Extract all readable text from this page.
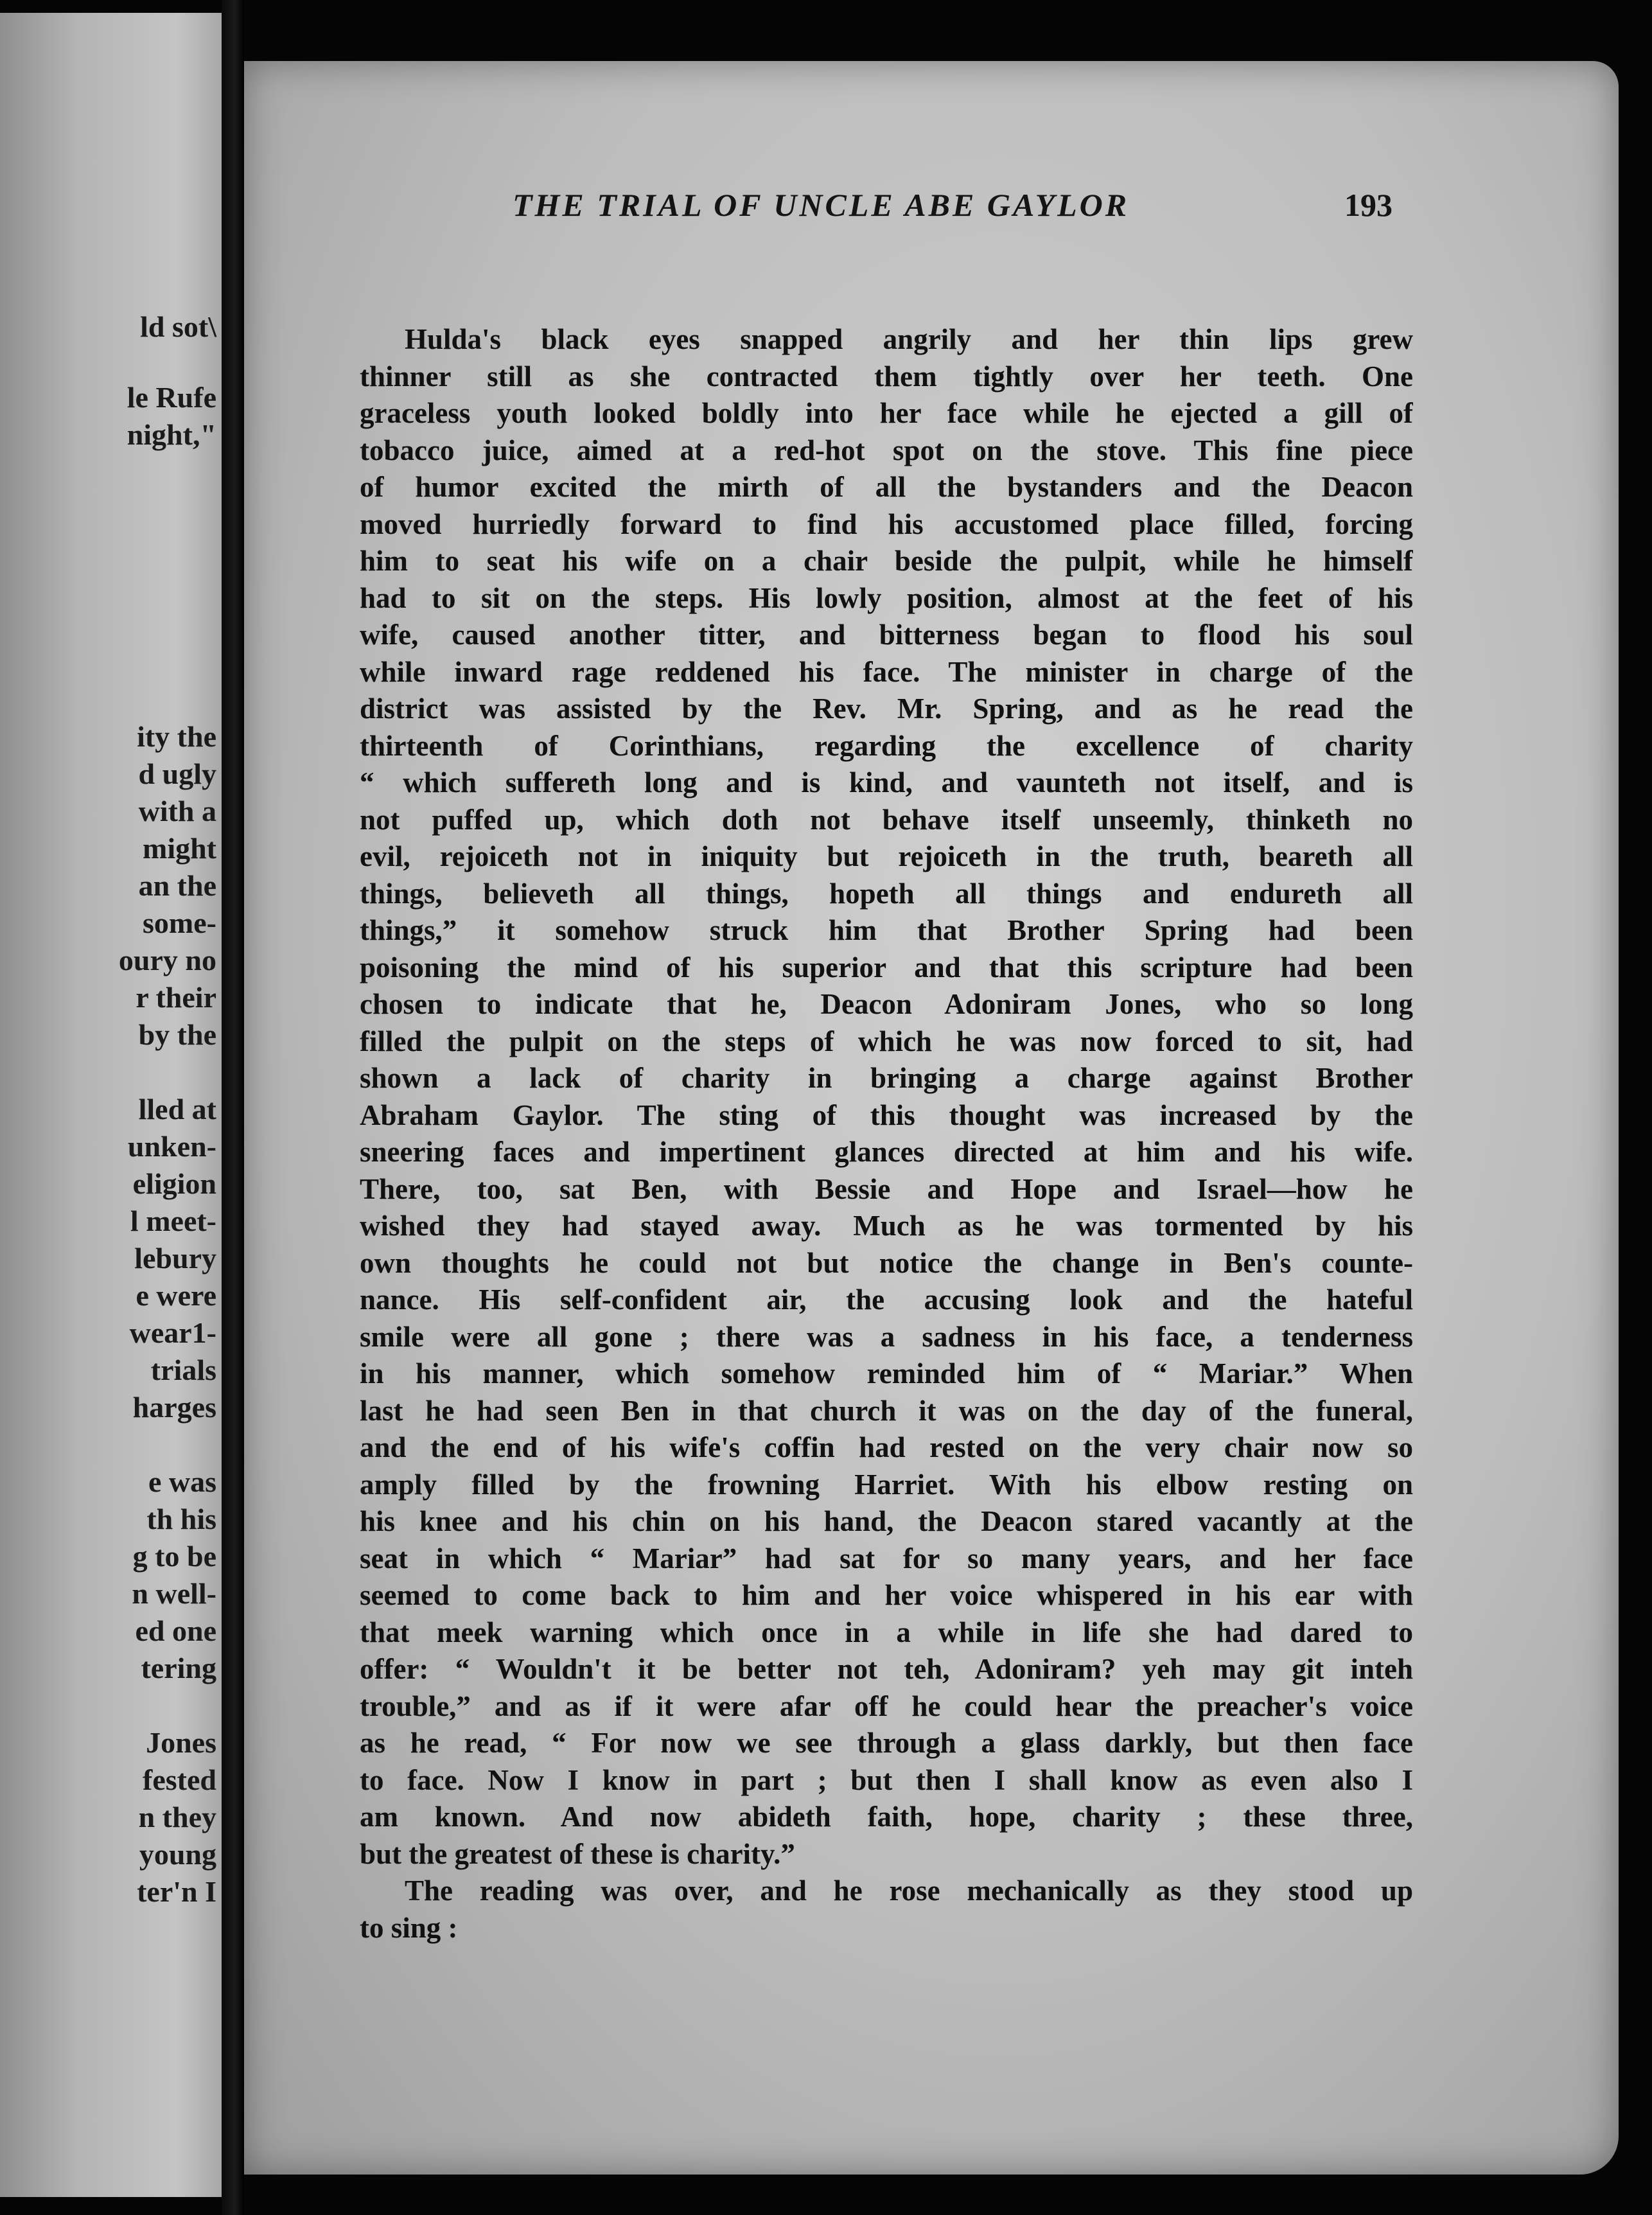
ld sot\
le Rufe
night,"
ity the
d ugly
with a
might
an the
some-
oury no
r their
by the
lled at
unken-
eligion
l meet-
lebury
e were
wear1-
trials
harges
e was
th his
g to be
n well-
ed one
tering
Jones
fested
n they
young
ter'n I
THE TRIAL OF UNCLE ABE GAYLOR	193
Hulda's black eyes snapped angrily and her thin lips grew
thinner still as she contracted them tightly over her teeth. One
graceless youth looked boldly into her face while he ejected a gill of
tobacco juice, aimed at a red-hot spot on the stove. This fine piece
of humor excited the mirth of all the bystanders and the Deacon
moved hurriedly forward to find his accustomed place filled, forcing
him to seat his wife on a chair beside the pulpit, while he himself
had to sit on the steps. His lowly position, almost at the feet of his
wife, caused another titter, and bitterness began to flood his soul
while inward rage reddened his face. The minister in charge of the
district was assisted by the Rev. Mr. Spring, and as he read the
thirteenth of Corinthians, regarding the excellence of charity
“ which suffereth long and is kind, and vaunteth not itself, and is
not puffed up, which doth not behave itself unseemly, thinketh no
evil, rejoiceth not in iniquity but rejoiceth in the truth, beareth all
things, believeth all things, hopeth all things and endureth all
things,” it somehow struck him that Brother Spring had been
poisoning the mind of his superior and that this scripture had been
chosen to indicate that he, Deacon Adoniram Jones, who so long
filled the pulpit on the steps of which he was now forced to sit, had
shown a lack of charity in bringing a charge against Brother
Abraham Gaylor. The sting of this thought was increased by the
sneering faces and impertinent glances directed at him and his wife.
There, too, sat Ben, with Bessie and Hope and Israel—how he
wished they had stayed away. Much as he was tormented by his
own thoughts he could not but notice the change in Ben's counte-
nance. His self-confident air, the accusing look and the hateful
smile were all gone ; there was a sadness in his face, a tenderness
in his manner, which somehow reminded him of “ Mariar.” When
last he had seen Ben in that church it was on the day of the funeral,
and the end of his wife's coffin had rested on the very chair now so
amply filled by the frowning Harriet. With his elbow resting on
his knee and his chin on his hand, the Deacon stared vacantly at the
seat in which “ Mariar” had sat for so many years, and her face
seemed to come back to him and her voice whispered in his ear with
that meek warning which once in a while in life she had dared to
offer: “ Wouldn't it be better not teh, Adoniram? yeh may git inteh
trouble,” and as if it were afar off he could hear the preacher's voice
as he read, “ For now we see through a glass darkly, but then face
to face. Now I know in part ; but then I shall know as even also I
am known. And now abideth faith, hope, charity ; these three,
but the greatest of these is charity.”
The reading was over, and he rose mechanically as they stood up
to sing :
